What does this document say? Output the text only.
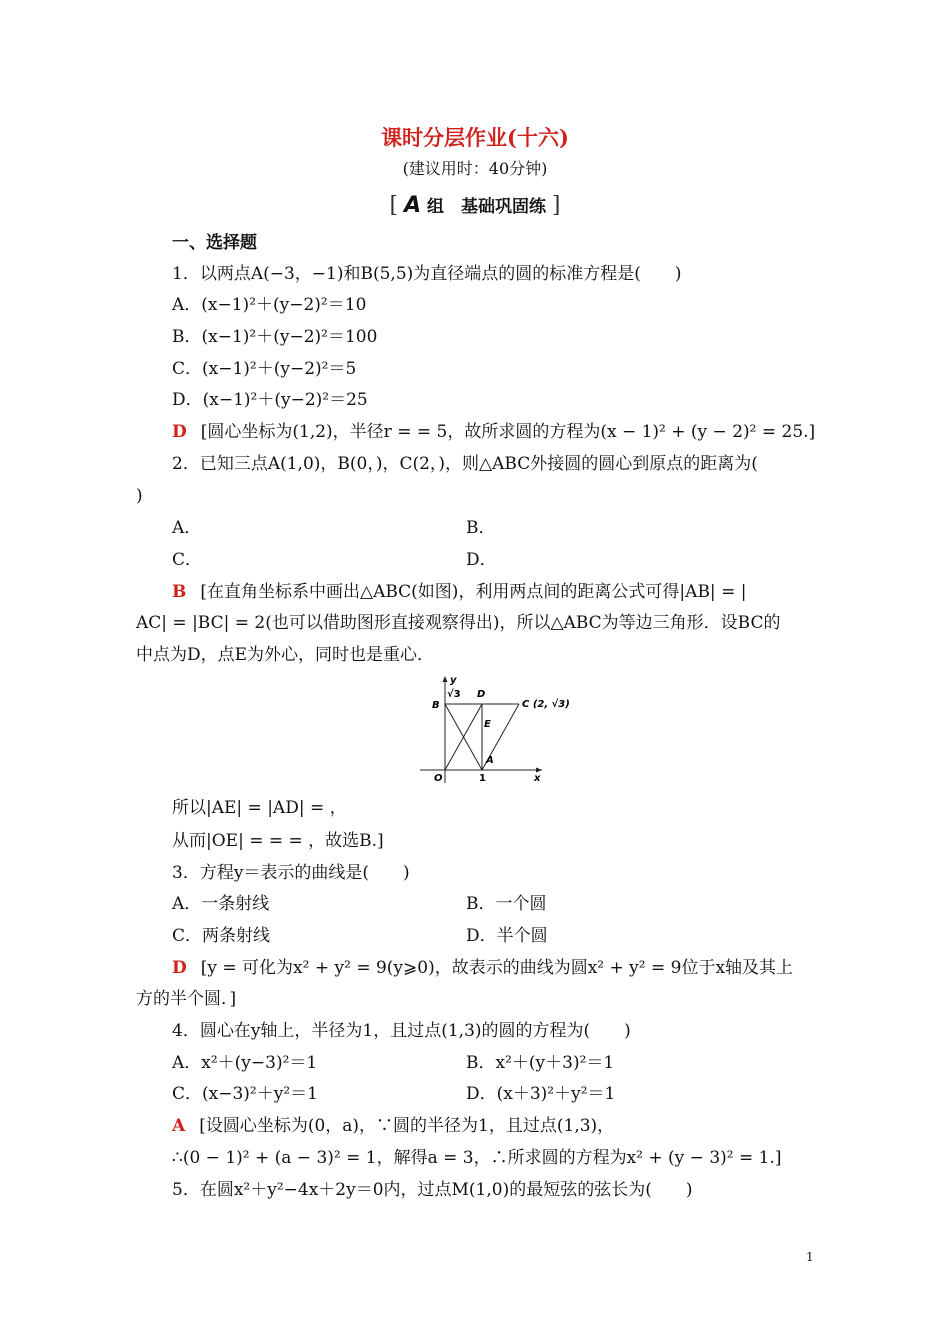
课时分层作业(十六)
(建议用时：40分钟)
[ A 组　基础巩固练 ]
一、选择题
1．以两点A(−3，−1)和B(5,5)为直径端点的圆的标准方程是(　　)
A．(x−1)²＋(y−2)²＝10
B．(x−1)²＋(y−2)²＝100
C．(x−1)²＋(y−2)²＝5
D．(x−1)²＋(y−2)²＝25
D [圆心坐标为(1,2)，半径r = = 5，故所求圆的方程为(x − 1)² + (y − 2)² = 25.]
2．已知三点A(1,0)，B(0，)，C(2，)，则△ABC外接圆的圆心到原点的距离为(
)
A．	B．
C．	D．
B [在直角坐标系中画出△ABC(如图)，利用两点间的距离公式可得|AB| = |
AC| = |BC| = 2(也可以借助图形直接观察得出)，所以△ABC为等边三角形．设BC的
中点为D，点E为外心，同时也是重心．
y
x
O	1
√3
B
D
C (2, √3)
E
A
所以|AE| = |AD| = ，
从而|OE| = = = ，故选B.]
3．方程y＝表示的曲线是(　　)
A．一条射线	B．一个圆
C．两条射线	D．半个圆
D [y = 可化为x² + y² = 9(y⩾0)，故表示的曲线为圆x² + y² = 9位于x轴及其上
方的半个圆．]
4．圆心在y轴上，半径为1，且过点(1,3)的圆的方程为(　　)
A．x²＋(y−3)²＝1	B．x²＋(y＋3)²＝1
C．(x−3)²＋y²＝1	D．(x＋3)²＋y²＝1
A [设圆心坐标为(0，a)，∵圆的半径为1，且过点(1,3)，
∴(0 − 1)² + (a − 3)² = 1，解得a = 3，∴所求圆的方程为x² + (y − 3)² = 1.]
5．在圆x²＋y²−4x＋2y＝0内，过点M(1,0)的最短弦的弦长为(　　)
1
